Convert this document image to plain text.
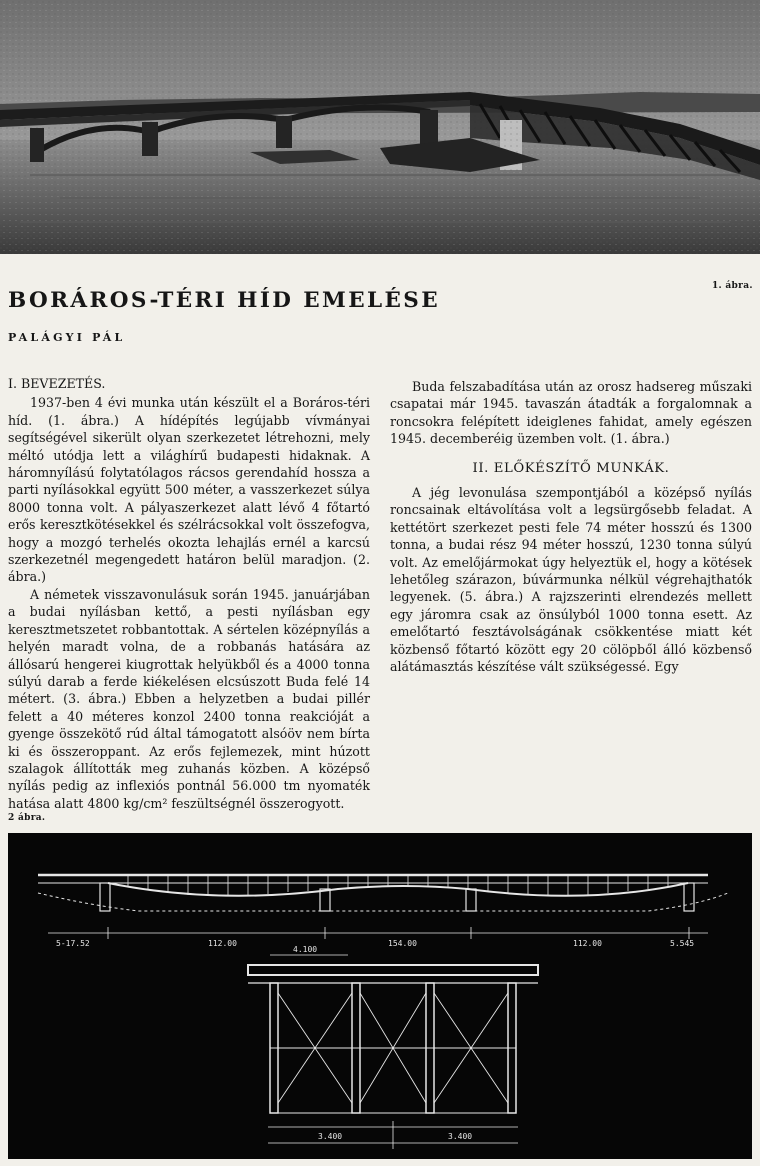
1. ábra.
BORÁROS-TÉRI HÍD EMELÉSE
PALÁGYI PÁL
I. BEVEZETÉS.

1937-ben 4 évi munka után készült el a Boráros-téri híd. (1. ábra.) A hídépítés legújabb vívmányai segítségével sikerült olyan szerkezetet létrehozni, mely méltó utódja lett a világhírű budapesti hidaknak. A háromnyílású folytatólagos rácsos gerendahíd hossza a parti nyílásokkal együtt 500 méter, a vasszerkezet súlya 8000 tonna volt. A pályaszerkezet alatt lévő 4 főtartó erős keresztkötésekkel és szélrácsokkal volt összefogva, hogy a mozgó terhelés okozta lehajlás ernél a karcsú szerkezetnél megengedett határon belül maradjon. (2. ábra.)

A németek visszavonulásuk során 1945. januárjában a budai nyílásban kettő, a pesti nyílásban egy keresztmetszetet robbantottak. A sértelen középnyílás a helyén maradt volna, de a robbanás hatására az állósarú hengerei kiugrottak helyükből és a 4000 tonna súlyú darab a ferde kiékelésen elcsúszott Buda felé 14 métert. (3. ábra.) Ebben a helyzetben a budai pillér felett a 40 méteres konzol 2400 tonna reakcióját a gyenge összekötő rúd által támogatott alsóöv nem bírta ki és összeroppant. Az erős fejlemezek, mint húzott szalagok állították meg zuhanás közben. A középső nyílás pedig az inflexiós pontnál 56.000 tm nyomaték hatása alatt 4800 kg/cm² feszültségnél összerogyott.

Buda felszabadítása után az orosz hadsereg műszaki csapatai már 1945. tavaszán átadták a forgalomnak a roncsokra felépített ideiglenes fahidat, amely egészen 1945. decemberéig üzemben volt. (1. ábra.)

II. ELŐKÉSZÍTŐ MUNKÁK.

A jég levonulása szempontjából a középső nyílás roncsainak eltávolítása volt a legsürgősebb feladat. A kettétört szerkezet pesti fele 74 méter hosszú és 1300 tonna, a budai rész 94 méter hosszú, 1230 tonna súlyú volt. Az emelőjármokat úgy helyeztük el, hogy a kötések lehetőleg szárazon, búvármunka nélkül végrehajthatók legyenek. (5. ábra.) A rajzszerinti elrendezés mellett egy járomra csak az önsúlyból 1000 tonna esett. Az emelőtartó fesztávolságának csökkentése miatt két közbenső főtartó között egy 20 cölöpből álló közbenső alátámasztás készítése vált szükségessé. Egy

2 ábra.
5-17.52	112.00	154.00	112.00	5.545
4.100
3.400	3.400
